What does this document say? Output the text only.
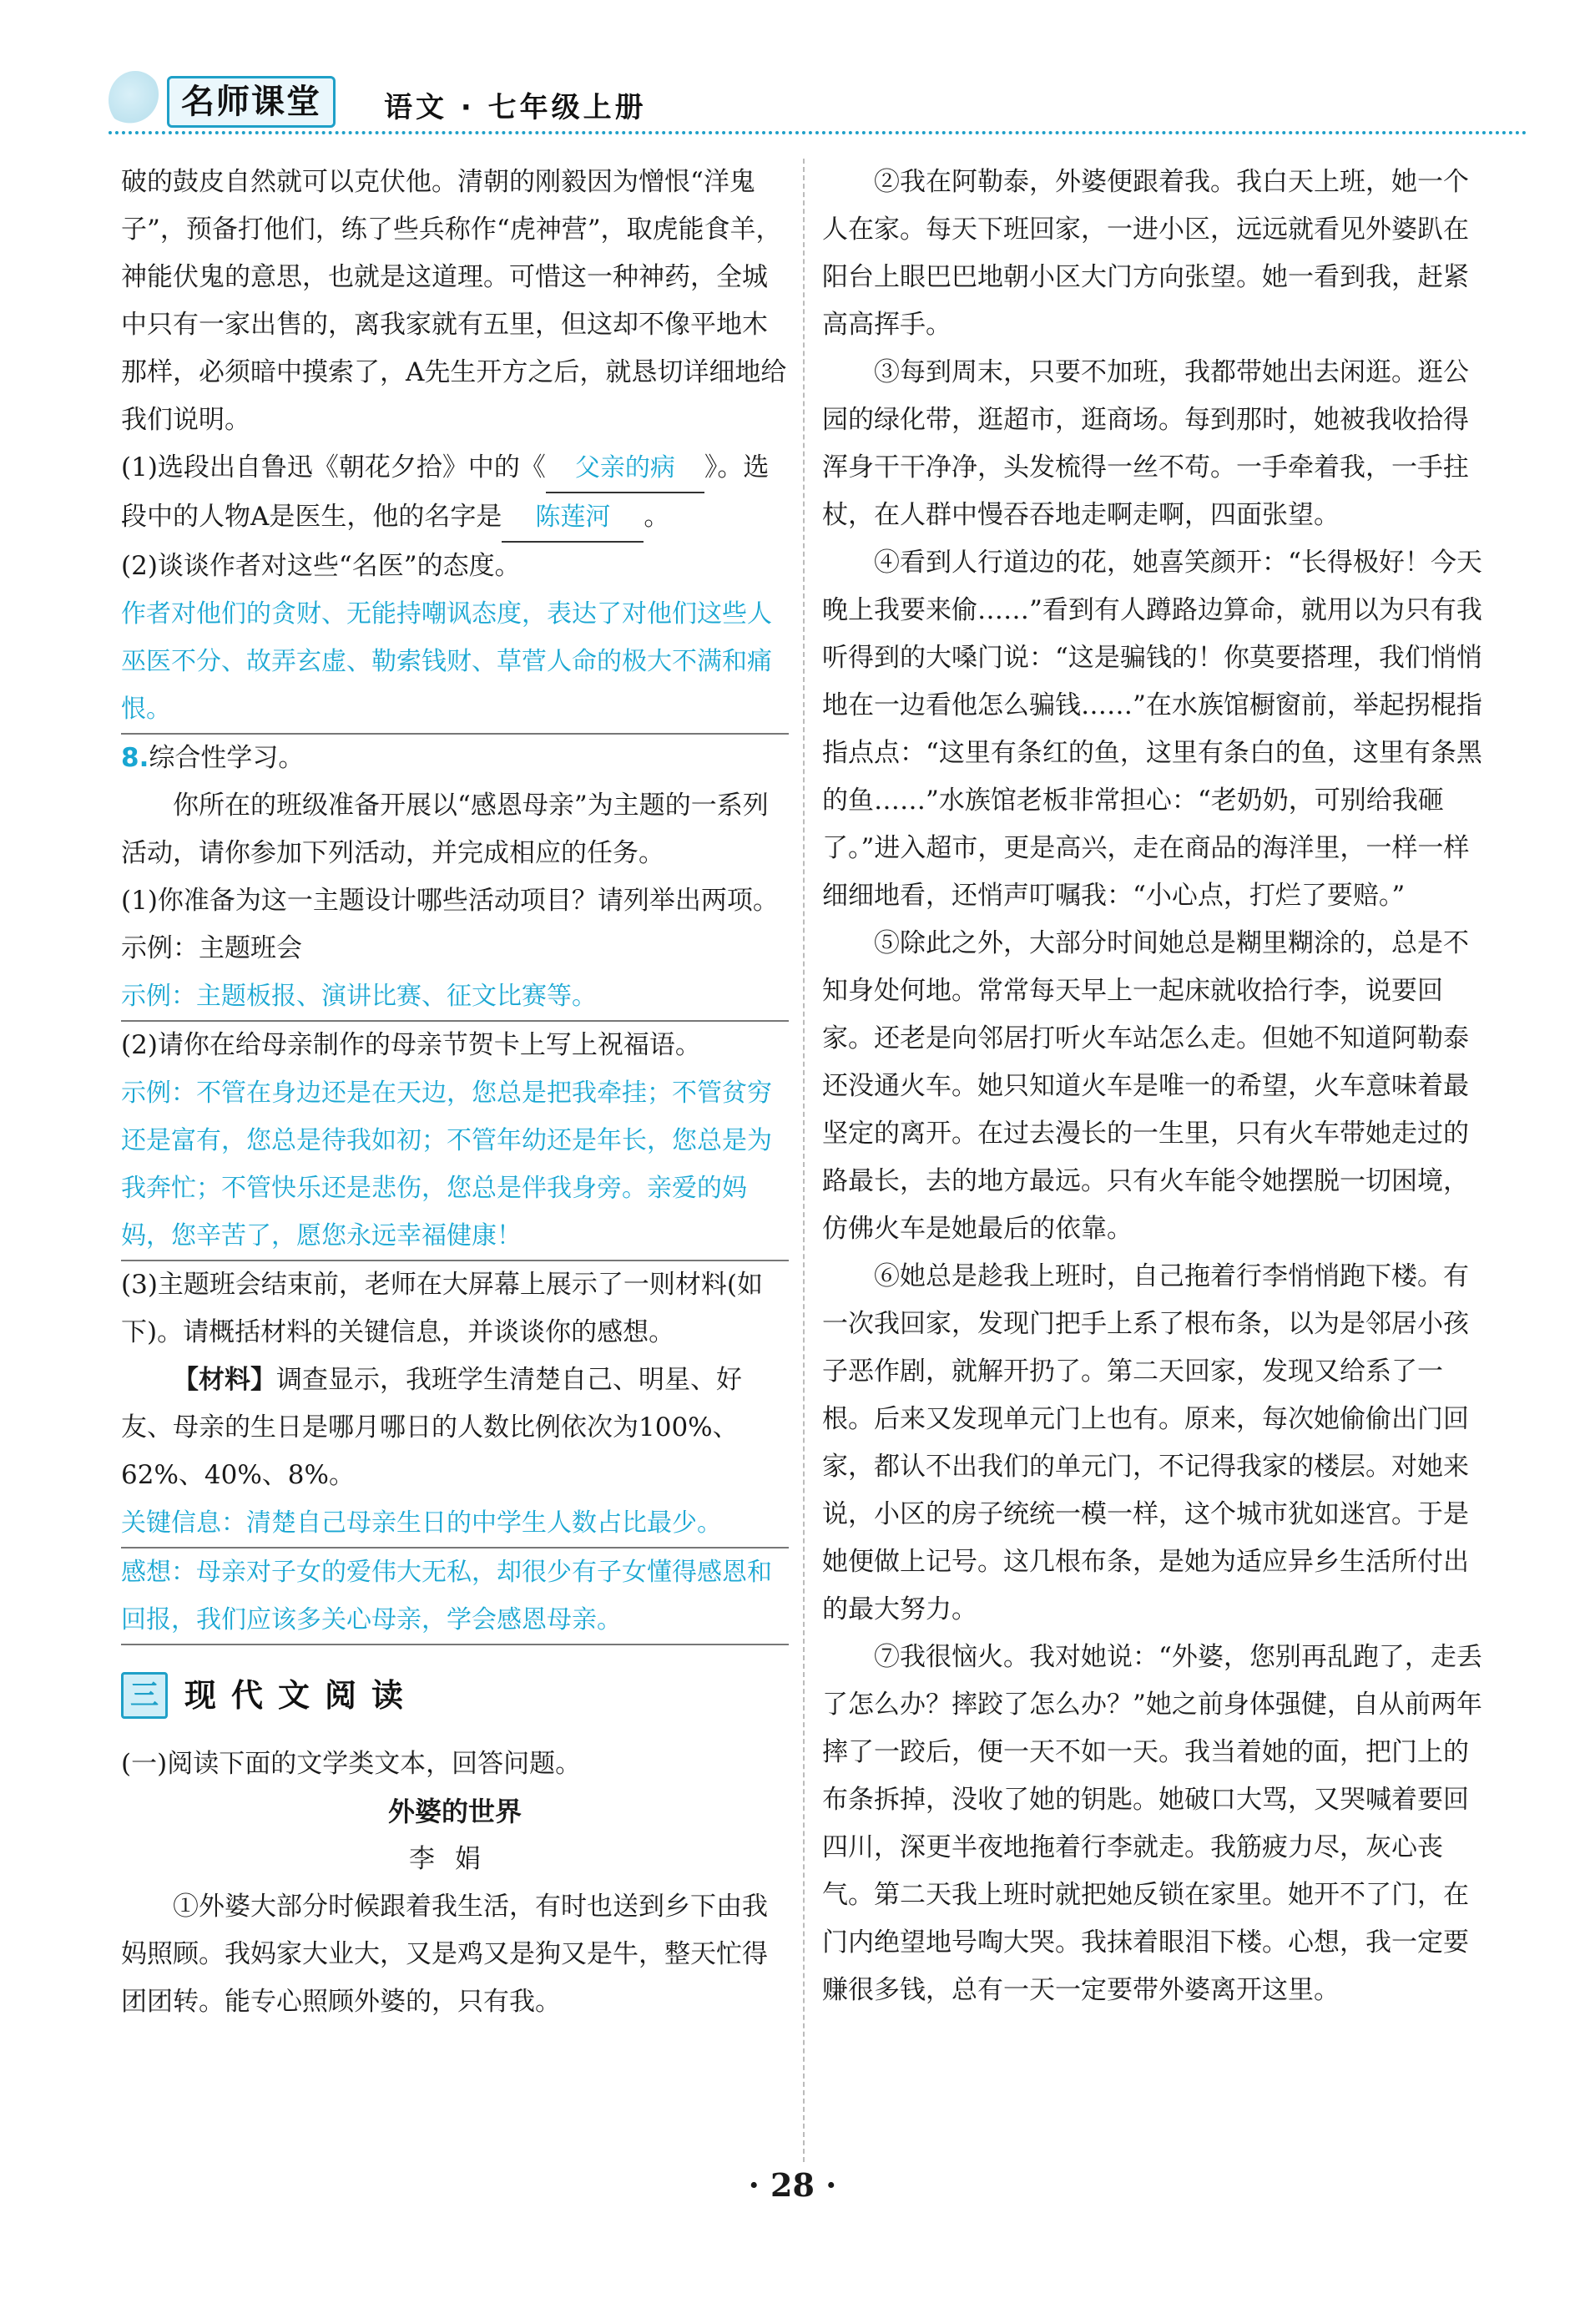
名师课堂	语文 · 七年级上册

破的鼓皮自然就可以克伏他。清朝的刚毅因为憎恨“洋鬼子”，预备打他们，练了些兵称作“虎神营”，取虎能食羊，神能伏鬼的意思，也就是这道理。可惜这一种神药，全城中只有一家出售的，离我家就有五里，但这却不像平地木那样，必须暗中摸索了，A先生开方之后，就恳切详细地给我们说明。

(1)选段出自鲁迅《朝花夕拾》中的《 父亲的病 》。选段中的人物A是医生，他的名字是 陈莲河 。

(2)谈谈作者对这些“名医”的态度。

作者对他们的贪财、无能持嘲讽态度，表达了对他们这些人巫医不分、故弄玄虚、勒索钱财、草菅人命的极大不满和痛恨。

8.综合性学习。

你所在的班级准备开展以“感恩母亲”为主题的一系列活动，请你参加下列活动，并完成相应的任务。

(1)你准备为这一主题设计哪些活动项目？请列举出两项。

示例：主题班会

示例：主题板报、演讲比赛、征文比赛等。

(2)请你在给母亲制作的母亲节贺卡上写上祝福语。

示例：不管在身边还是在天边，您总是把我牵挂；不管贫穷还是富有，您总是待我如初；不管年幼还是年长，您总是为我奔忙；不管快乐还是悲伤，您总是伴我身旁。亲爱的妈妈，您辛苦了，愿您永远幸福健康！

(3)主题班会结束前，老师在大屏幕上展示了一则材料(如下)。请概括材料的关键信息，并谈谈你的感想。

【材料】调查显示，我班学生清楚自己、明星、好友、母亲的生日是哪月哪日的人数比例依次为100%、62%、40%、8%。

关键信息：清楚自己母亲生日的中学生人数占比最少。

感想：母亲对子女的爱伟大无私，却很少有子女懂得感恩和回报，我们应该多关心母亲，学会感恩母亲。

三 现代文阅读

(一)阅读下面的文学类文本，回答问题。

外婆的世界

李娟

①外婆大部分时候跟着我生活，有时也送到乡下由我妈照顾。我妈家大业大，又是鸡又是狗又是牛，整天忙得团团转。能专心照顾外婆的，只有我。

②我在阿勒泰，外婆便跟着我。我白天上班，她一个人在家。每天下班回家，一进小区，远远就看见外婆趴在阳台上眼巴巴地朝小区大门方向张望。她一看到我，赶紧高高挥手。

③每到周末，只要不加班，我都带她出去闲逛。逛公园的绿化带，逛超市，逛商场。每到那时，她被我收拾得浑身干干净净，头发梳得一丝不苟。一手牵着我，一手拄杖，在人群中慢吞吞地走啊走啊，四面张望。

④看到人行道边的花，她喜笑颜开：“长得极好！今天晚上我要来偷……”看到有人蹲路边算命，就用以为只有我听得到的大嗓门说：“这是骗钱的！你莫要搭理，我们悄悄地在一边看他怎么骗钱……”在水族馆橱窗前，举起拐棍指指点点：“这里有条红的鱼，这里有条白的鱼，这里有条黑的鱼……”水族馆老板非常担心：“老奶奶，可别给我砸了。”进入超市，更是高兴，走在商品的海洋里，一样一样细细地看，还悄声叮嘱我：“小心点，打烂了要赔。”

⑤除此之外，大部分时间她总是糊里糊涂的，总是不知身处何地。常常每天早上一起床就收拾行李，说要回家。还老是向邻居打听火车站怎么走。但她不知道阿勒泰还没通火车。她只知道火车是唯一的希望，火车意味着最坚定的离开。在过去漫长的一生里，只有火车带她走过的路最长，去的地方最远。只有火车能令她摆脱一切困境，仿佛火车是她最后的依靠。

⑥她总是趁我上班时，自己拖着行李悄悄跑下楼。有一次我回家，发现门把手上系了根布条，以为是邻居小孩子恶作剧，就解开扔了。第二天回家，发现又给系了一根。后来又发现单元门上也有。原来，每次她偷偷出门回家，都认不出我们的单元门，不记得我家的楼层。对她来说，小区的房子统统一模一样，这个城市犹如迷宫。于是她便做上记号。这几根布条，是她为适应异乡生活所付出的最大努力。

⑦我很恼火。我对她说：“外婆，您别再乱跑了，走丢了怎么办？摔跤了怎么办？”她之前身体强健，自从前两年摔了一跤后，便一天不如一天。我当着她的面，把门上的布条拆掉，没收了她的钥匙。她破口大骂，又哭喊着要回四川，深更半夜地拖着行李就走。我筋疲力尽，灰心丧气。第二天我上班时就把她反锁在家里。她开不了门，在门内绝望地号啕大哭。我抹着眼泪下楼。心想，我一定要赚很多钱，总有一天一定要带外婆离开这里。

· 28 ·
